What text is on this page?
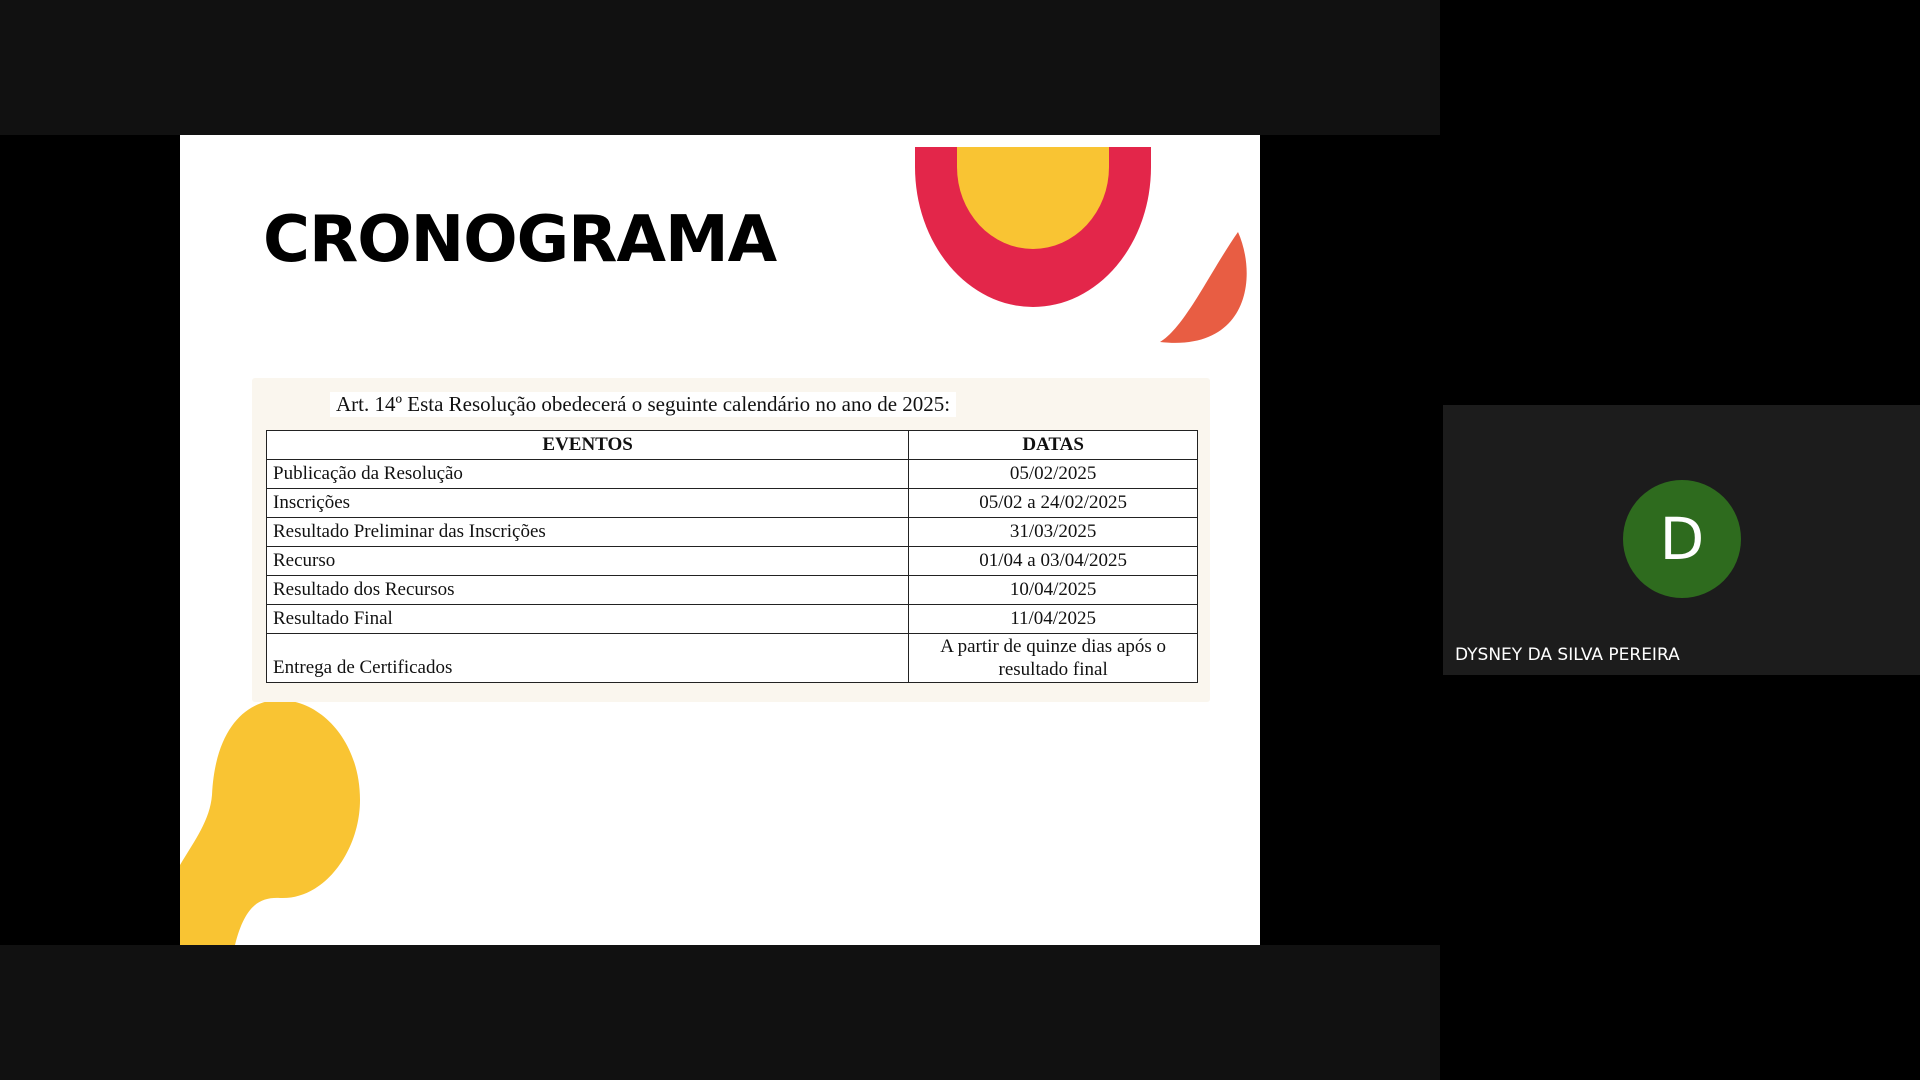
CRONOGRAMA
Art. 14º Esta Resolução obedecerá o seguinte calendário no ano de 2025:
EVENTOS	DATAS
Publicação da Resolução	05/02/2025
Inscrições	05/02 a 24/02/2025
Resultado Preliminar das Inscrições	31/03/2025
Recurso	01/04 a 03/04/2025
Resultado dos Recursos	10/04/2025
Resultado Final	11/04/2025
Entrega de Certificados	A partir de quinze dias após o resultado final
D
DYSNEY DA SILVA PEREIRA
